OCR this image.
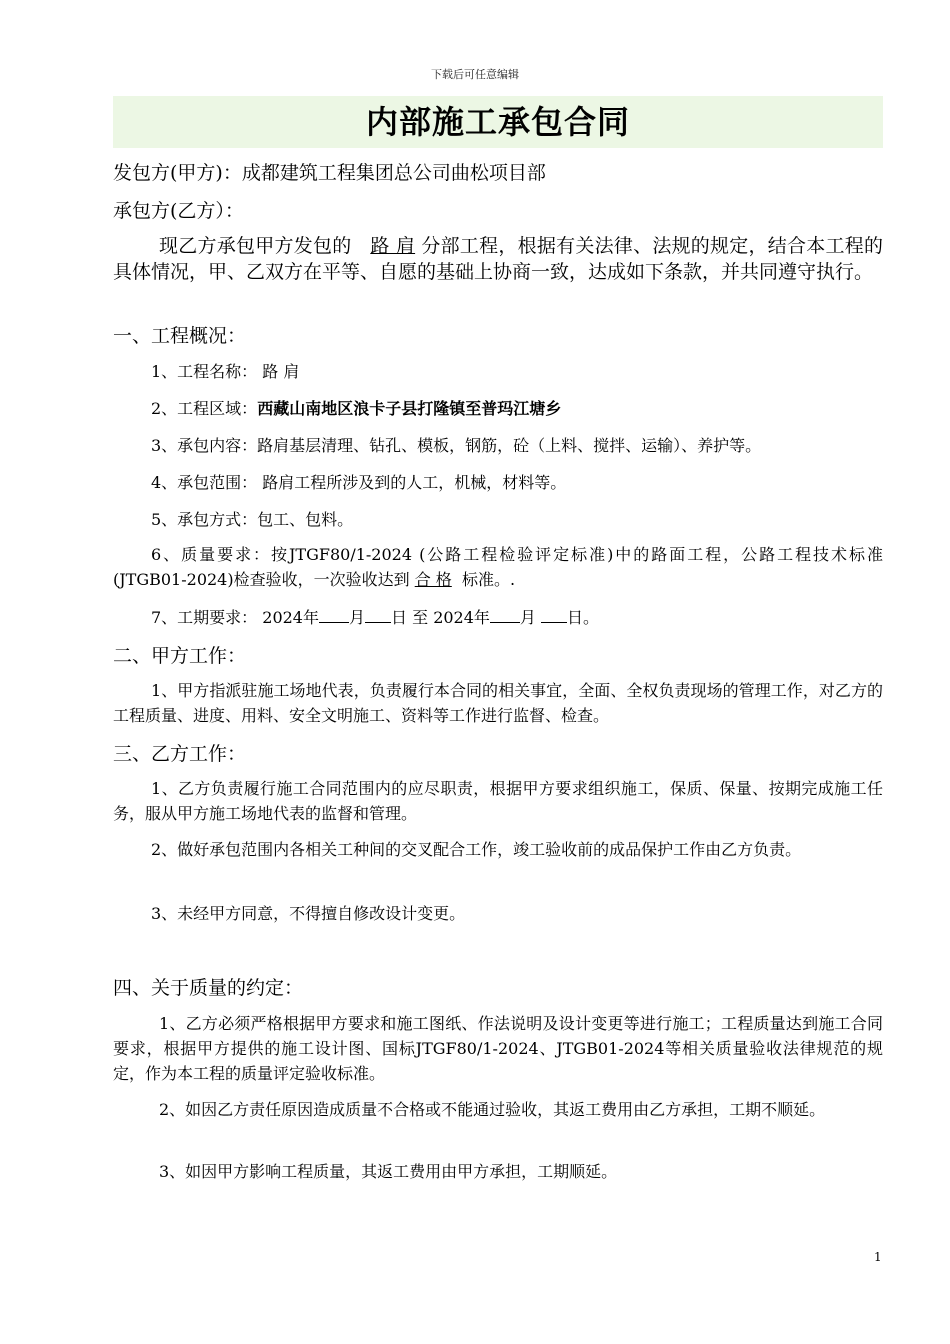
下载后可任意编辑
内部施工承包合同
发包方(甲方)：成都建筑工程集团总公司曲松项目部
承包方(乙方）：
现乙方承包甲方发包的 路 肩 分部工程，根据有关法律、法规的规定，结合本工程的具体情况，甲、乙双方在平等、自愿的基础上协商一致，达成如下条款，并共同遵守执行。
一、工程概况：
1、工程名称： 路 肩
2、工程区域：西藏山南地区浪卡子县打隆镇至普玛江塘乡
3、承包内容：路肩基层清理、钻孔、模板，钢筋，砼（上料、搅拌、运输）、养护等。
4、承包范围： 路肩工程所涉及到的人工，机械，材料等。
5、承包方式：包工、包料。
6、质量要求：按JTGF80/1-2024 (公路工程检验评定标准)中的路面工程，公路工程技术标准(JTGB01-2024)检查验收，一次验收达到 合 格 标准。.
7、工期要求： 2024年 月 日 至 2024年 月 日。
二、甲方工作：
1、甲方指派驻施工场地代表，负责履行本合同的相关事宜，全面、全权负责现场的管理工作，对乙方的工程质量、进度、用料、安全文明施工、资料等工作进行监督、检查。
三、乙方工作：
1、乙方负责履行施工合同范围内的应尽职责，根据甲方要求组织施工，保质、保量、按期完成施工任务，服从甲方施工场地代表的监督和管理。
2、做好承包范围内各相关工种间的交叉配合工作，竣工验收前的成品保护工作由乙方负责。
3、未经甲方同意，不得擅自修改设计变更。
四、关于质量的约定：
1、乙方必须严格根据甲方要求和施工图纸、作法说明及设计变更等进行施工；工程质量达到施工合同要求，根据甲方提供的施工设计图、国标JTGF80/1-2024、JTGB01-2024等相关质量验收法律规范的规定，作为本工程的质量评定验收标准。
2、如因乙方责任原因造成质量不合格或不能通过验收，其返工费用由乙方承担，工期不顺延。
3、如因甲方影响工程质量，其返工费用由甲方承担，工期顺延。
1
